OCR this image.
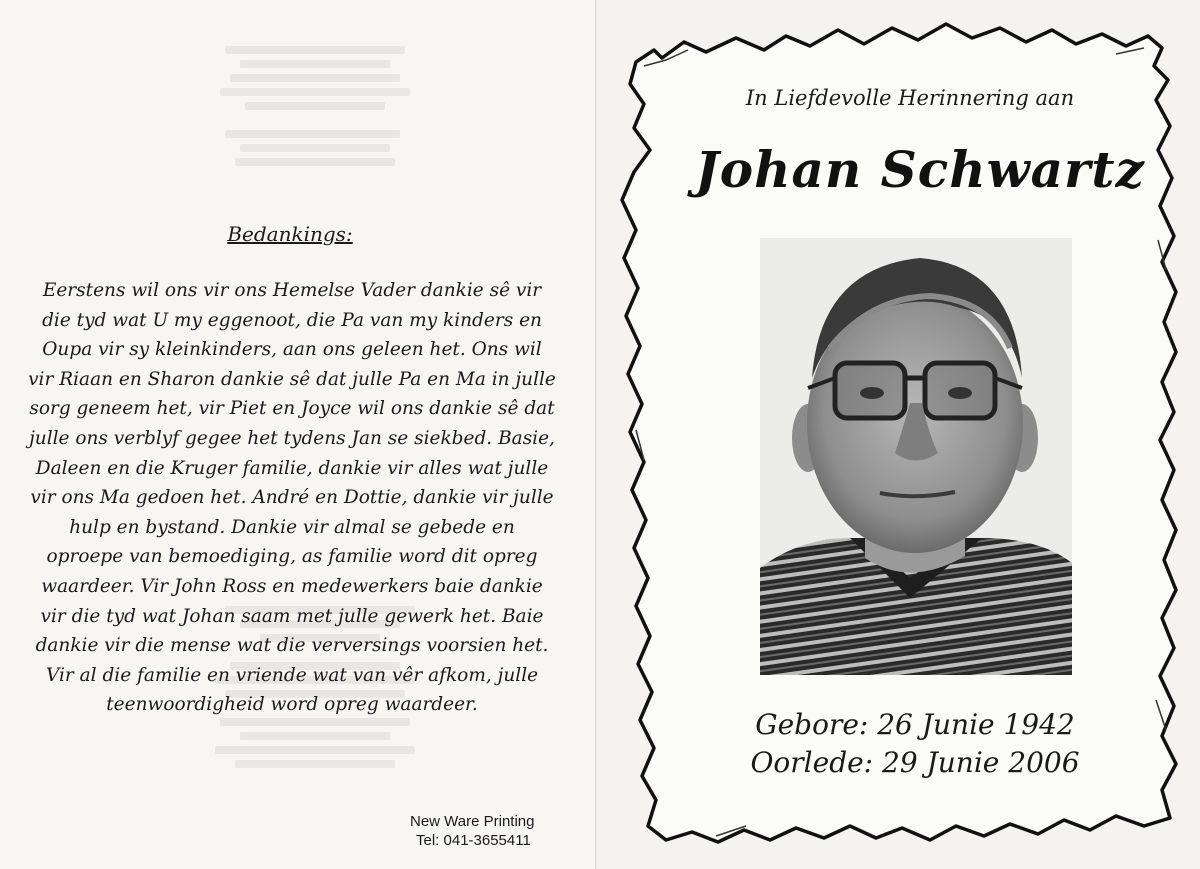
Bedankings:
Eerstens wil ons vir ons Hemelse Vader dankie sê vir die tyd wat U my eggenoot, die Pa van my kinders en Oupa vir sy kleinkinders, aan ons geleen het. Ons wil vir Riaan en Sharon dankie sê dat julle Pa en Ma in julle sorg geneem het, vir Piet en Joyce wil ons dankie sê dat julle ons verblyf gegee het tydens Jan se siekbed. Basie, Daleen en die Kruger familie, dankie vir alles wat julle vir ons Ma gedoen het. André en Dottie, dankie vir julle hulp en bystand. Dankie vir almal se gebede en oproepe van bemoediging, as familie word dit opreg waardeer. Vir John Ross en medewerkers baie dankie vir die tyd wat Johan saam met julle gewerk het. Baie dankie vir die mense wat die verversings voorsien het. Vir al die familie en vriende wat van vêr afkom, julle teenwoordigheid word opreg waardeer.
New Ware Printing
Tel: 041-3655411
In Liefdevolle Herinnering aan
Johan Schwartz
Gebore: 26 Junie 1942
Oorlede: 29 Junie 2006
